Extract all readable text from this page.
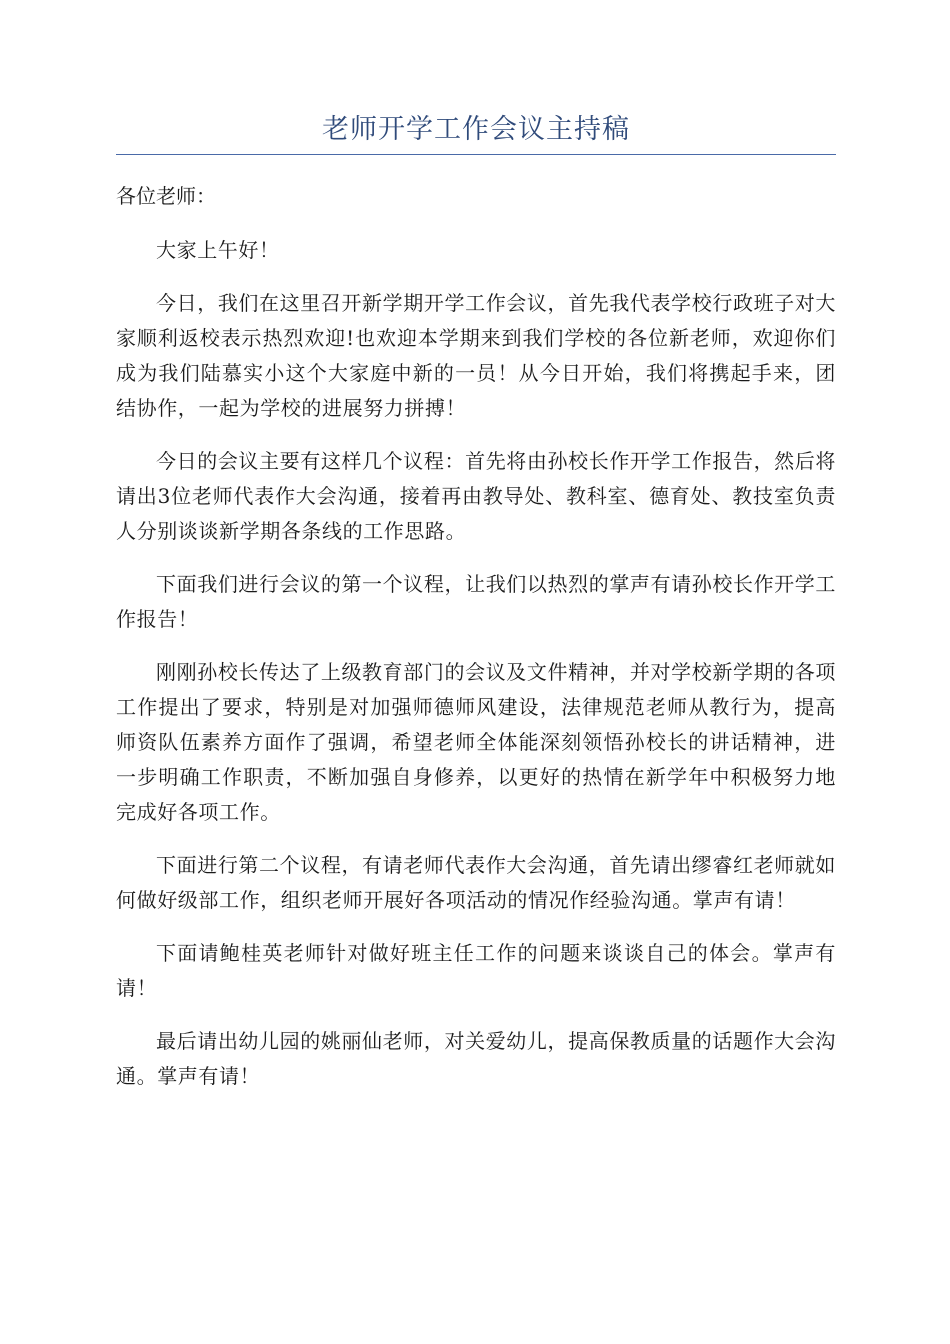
老师开学工作会议主持稿

各位老师：

大家上午好！

今日，我们在这里召开新学期开学工作会议，首先我代表学校行政班子对大家顺利返校表示热烈欢迎!也欢迎本学期来到我们学校的各位新老师，欢迎你们成为我们陆慕实小这个大家庭中新的一员！从今日开始，我们将携起手来，团结协作，一起为学校的进展努力拼搏！

今日的会议主要有这样几个议程：首先将由孙校长作开学工作报告，然后将请出3位老师代表作大会沟通，接着再由教导处、教科室、德育处、教技室负责人分别谈谈新学期各条线的工作思路。

下面我们进行会议的第一个议程，让我们以热烈的掌声有请孙校长作开学工作报告！

刚刚孙校长传达了上级教育部门的会议及文件精神，并对学校新学期的各项工作提出了要求，特别是对加强师德师风建设，法律规范老师从教行为，提高师资队伍素养方面作了强调，希望老师全体能深刻领悟孙校长的讲话精神，进一步明确工作职责，不断加强自身修养，以更好的热情在新学年中积极努力地完成好各项工作。

下面进行第二个议程，有请老师代表作大会沟通，首先请出缪睿红老师就如何做好级部工作，组织老师开展好各项活动的情况作经验沟通。掌声有请！

下面请鲍桂英老师针对做好班主任工作的问题来谈谈自己的体会。掌声有请！

最后请出幼儿园的姚丽仙老师，对关爱幼儿，提高保教质量的话题作大会沟通。掌声有请！
